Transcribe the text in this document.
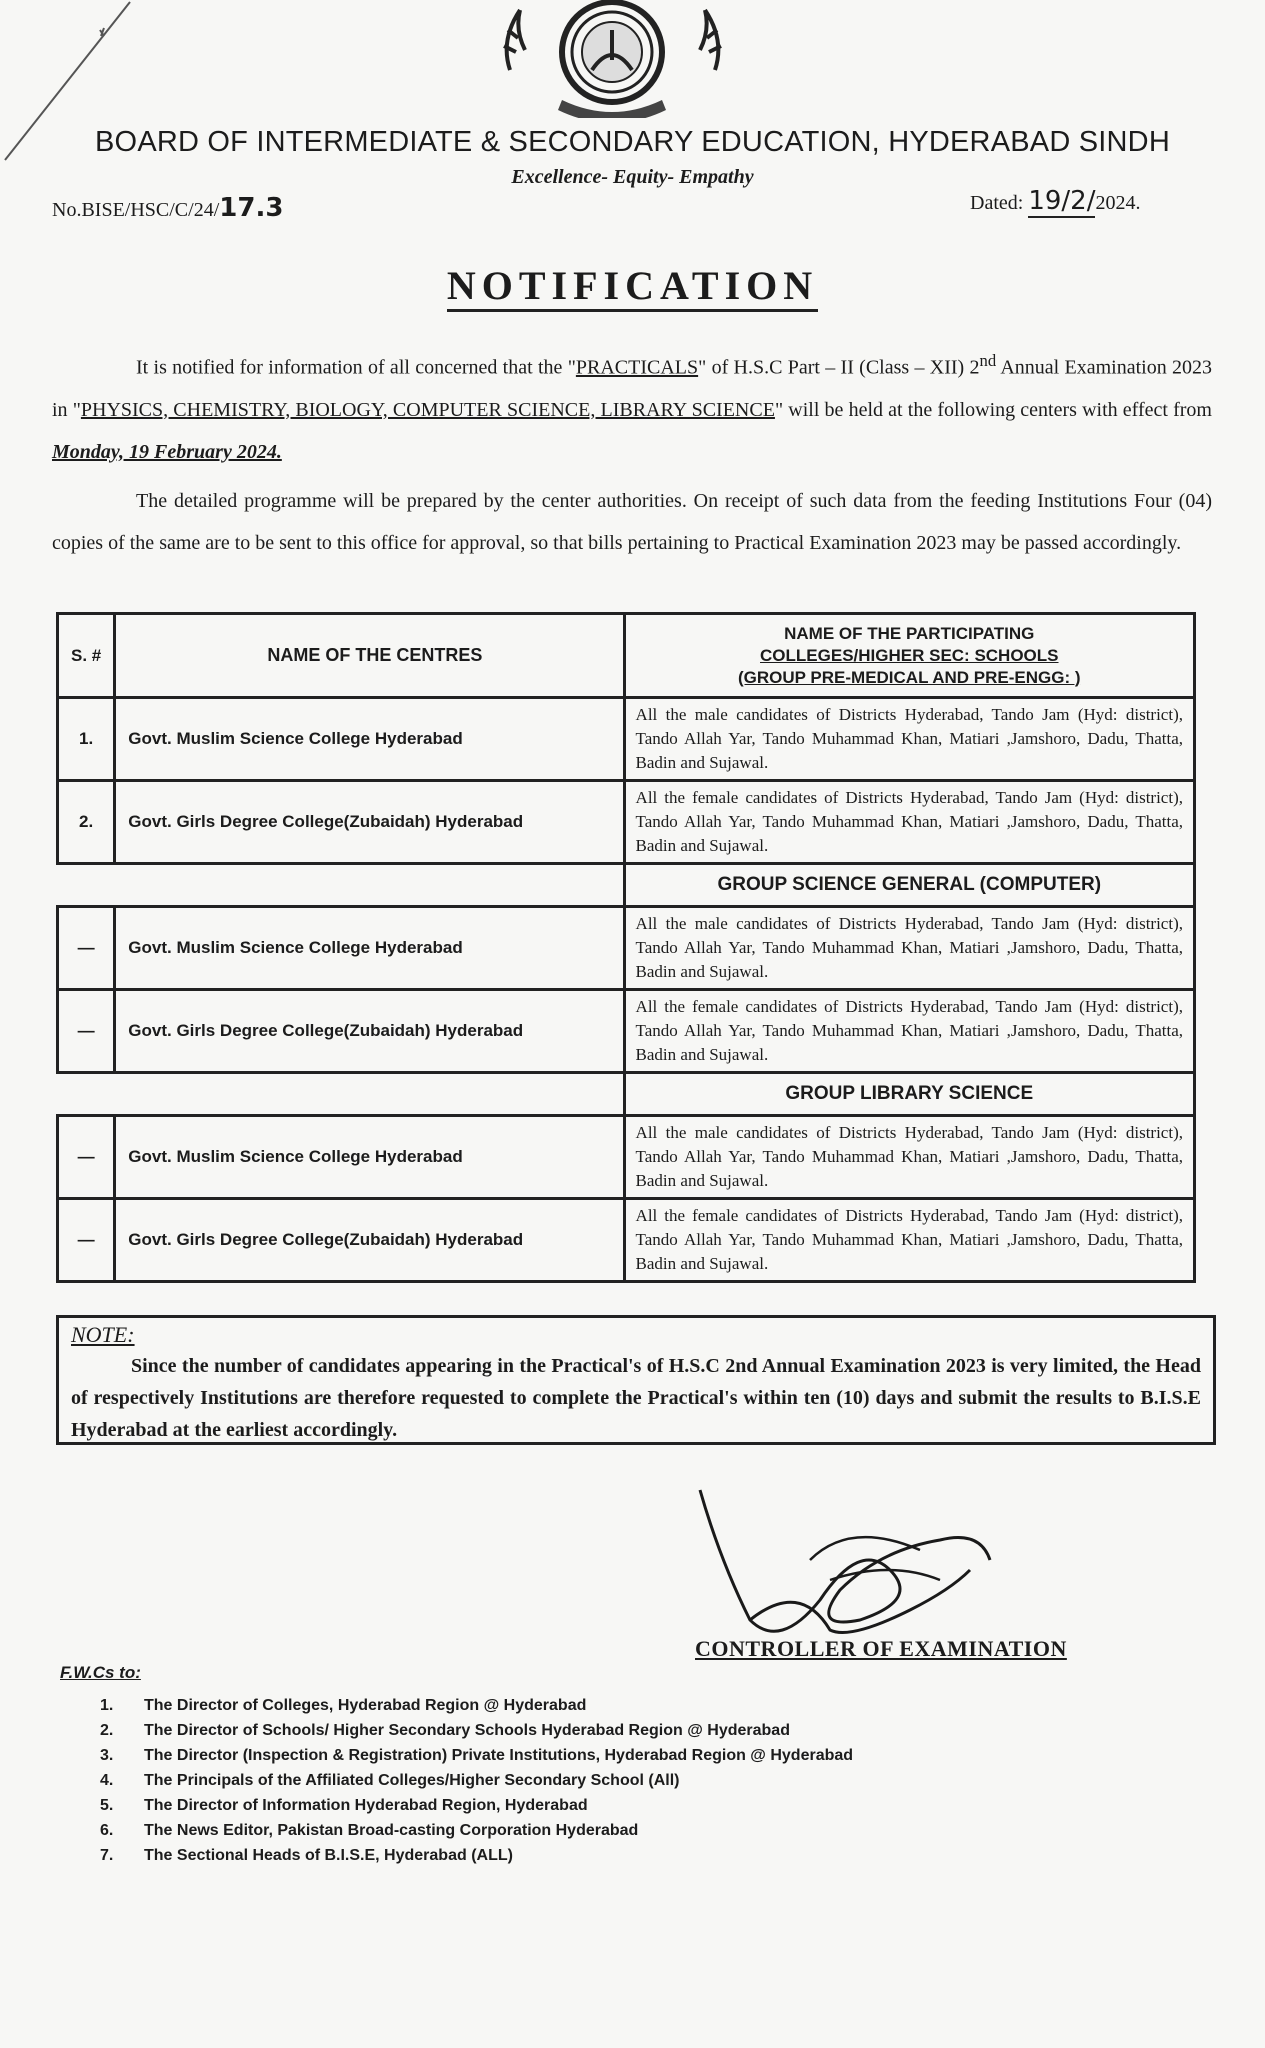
BOARD OF INTERMEDIATE & SECONDARY EDUCATION, HYDERABAD SINDH
Excellence- Equity- Empathy
No.BISE/HSC/C/24/17.3	Dated: 19/2/2024.
NOTIFICATION
It is notified for information of all concerned that the "PRACTICALS" of H.S.C Part – II (Class – XII) 2nd Annual Examination 2023 in "PHYSICS, CHEMISTRY, BIOLOGY, COMPUTER SCIENCE, LIBRARY SCIENCE" will be held at the following centers with effect from Monday, 19 February 2024.
The detailed programme will be prepared by the center authorities. On receipt of such data from the feeding Institutions Four (04) copies of the same are to be sent to this office for approval, so that bills pertaining to Practical Examination 2023 may be passed accordingly.
S. #	NAME OF THE CENTRES	NAME OF THE PARTICIPATING
COLLEGES/HIGHER SEC: SCHOOLS
(GROUP PRE-MEDICAL AND PRE-ENGG: )

1.	Govt. Muslim Science College Hyderabad	All the male candidates of Districts Hyderabad, Tando Jam (Hyd: district), Tando Allah Yar, Tando Muhammad Khan, Matiari ,Jamshoro, Dadu, Thatta, Badin and Sujawal.
2.	Govt. Girls Degree College(Zubaidah) Hyderabad	All the female candidates of Districts Hyderabad, Tando Jam (Hyd: district), Tando Allah Yar, Tando Muhammad Khan, Matiari ,Jamshoro, Dadu, Thatta, Badin and Sujawal.
		GROUP SCIENCE GENERAL (COMPUTER)
—	Govt. Muslim Science College Hyderabad	All the male candidates of Districts Hyderabad, Tando Jam (Hyd: district), Tando Allah Yar, Tando Muhammad Khan, Matiari ,Jamshoro, Dadu, Thatta, Badin and Sujawal.
—	Govt. Girls Degree College(Zubaidah) Hyderabad	All the female candidates of Districts Hyderabad, Tando Jam (Hyd: district), Tando Allah Yar, Tando Muhammad Khan, Matiari ,Jamshoro, Dadu, Thatta, Badin and Sujawal.
		GROUP LIBRARY SCIENCE
—	Govt. Muslim Science College Hyderabad	All the male candidates of Districts Hyderabad, Tando Jam (Hyd: district), Tando Allah Yar, Tando Muhammad Khan, Matiari ,Jamshoro, Dadu, Thatta, Badin and Sujawal.
—	Govt. Girls Degree College(Zubaidah) Hyderabad	All the female candidates of Districts Hyderabad, Tando Jam (Hyd: district), Tando Allah Yar, Tando Muhammad Khan, Matiari ,Jamshoro, Dadu, Thatta, Badin and Sujawal.
NOTE:
Since the number of candidates appearing in the Practical's of H.S.C 2nd Annual Examination 2023 is very limited, the Head of respectively Institutions are therefore requested to complete the Practical's within ten (10) days and submit the results to B.I.S.E Hyderabad at the earliest accordingly.
CONTROLLER OF EXAMINATION
F.W.Cs to:
1.	The Director of Colleges, Hyderabad Region @ Hyderabad
2.	The Director of Schools/ Higher Secondary Schools Hyderabad Region @ Hyderabad
3.	The Director (Inspection & Registration) Private Institutions, Hyderabad Region @ Hyderabad
4.	The Principals of the Affiliated Colleges/Higher Secondary School (All)
5.	The Director of Information Hyderabad Region, Hyderabad
6.	The News Editor, Pakistan Broad-casting Corporation Hyderabad
7.	The Sectional Heads of B.I.S.E, Hyderabad (ALL)
